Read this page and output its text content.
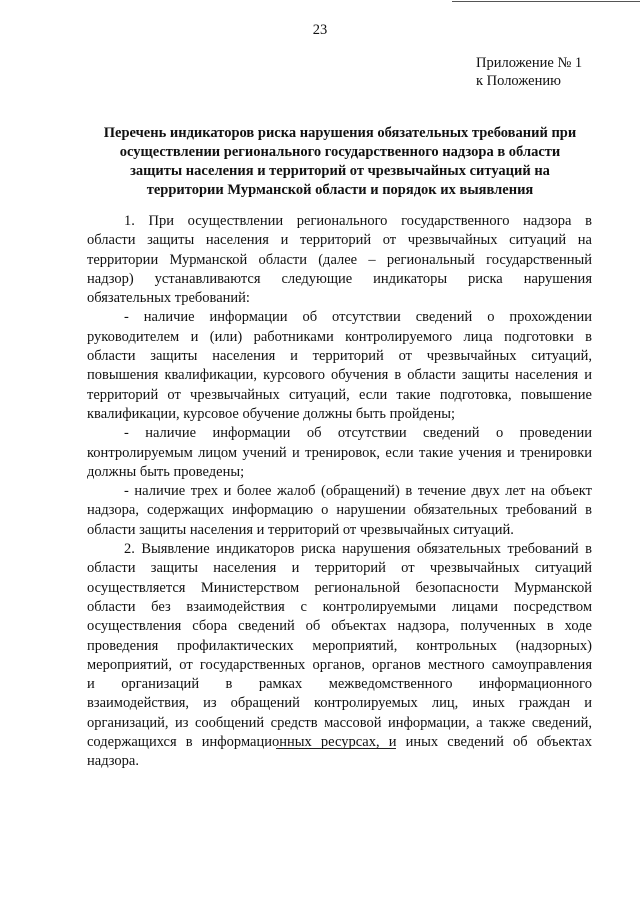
23
Приложение № 1
к Положению
Перечень индикаторов риска нарушения обязательных требований при
осуществлении регионального государственного надзора в области
защиты населения и территорий от чрезвычайных ситуаций на
территории Мурманской области и порядок их выявления
1. При осуществлении регионального государственного надзора в
области защиты населения и территорий от чрезвычайных ситуаций на
территории Мурманской области (далее – региональный государственный
надзор) устанавливаются следующие индикаторы риска нарушения
обязательных требований:
- наличие информации об отсутствии сведений о прохождении
руководителем и (или) работниками контролируемого лица подготовки в
области защиты населения и территорий от чрезвычайных ситуаций,
повышения квалификации, курсового обучения в области защиты населения и
территорий от чрезвычайных ситуаций, если такие подготовка, повышение
квалификации, курсовое обучение должны быть пройдены;
- наличие информации об отсутствии сведений о проведении
контролируемым лицом учений и тренировок, если такие учения и тренировки
должны быть проведены;
- наличие трех и более жалоб (обращений) в течение двух лет на объект
надзора, содержащих информацию о нарушении обязательных требований в
области защиты населения и территорий от чрезвычайных ситуаций.
2. Выявление индикаторов риска нарушения обязательных требований в
области защиты населения и территорий от чрезвычайных ситуаций
осуществляется Министерством региональной безопасности Мурманской
области без взаимодействия с контролируемыми лицами посредством
осуществления сбора сведений об объектах надзора, полученных в ходе
проведения профилактических мероприятий, контрольных (надзорных)
мероприятий, от государственных органов, органов местного самоуправления
и организаций в рамках межведомственного информационного
взаимодействия, из обращений контролируемых лиц, иных граждан и
организаций, из сообщений средств массовой информации, а также сведений,
содержащихся в информационных ресурсах, и иных сведений об объектах
надзора.
